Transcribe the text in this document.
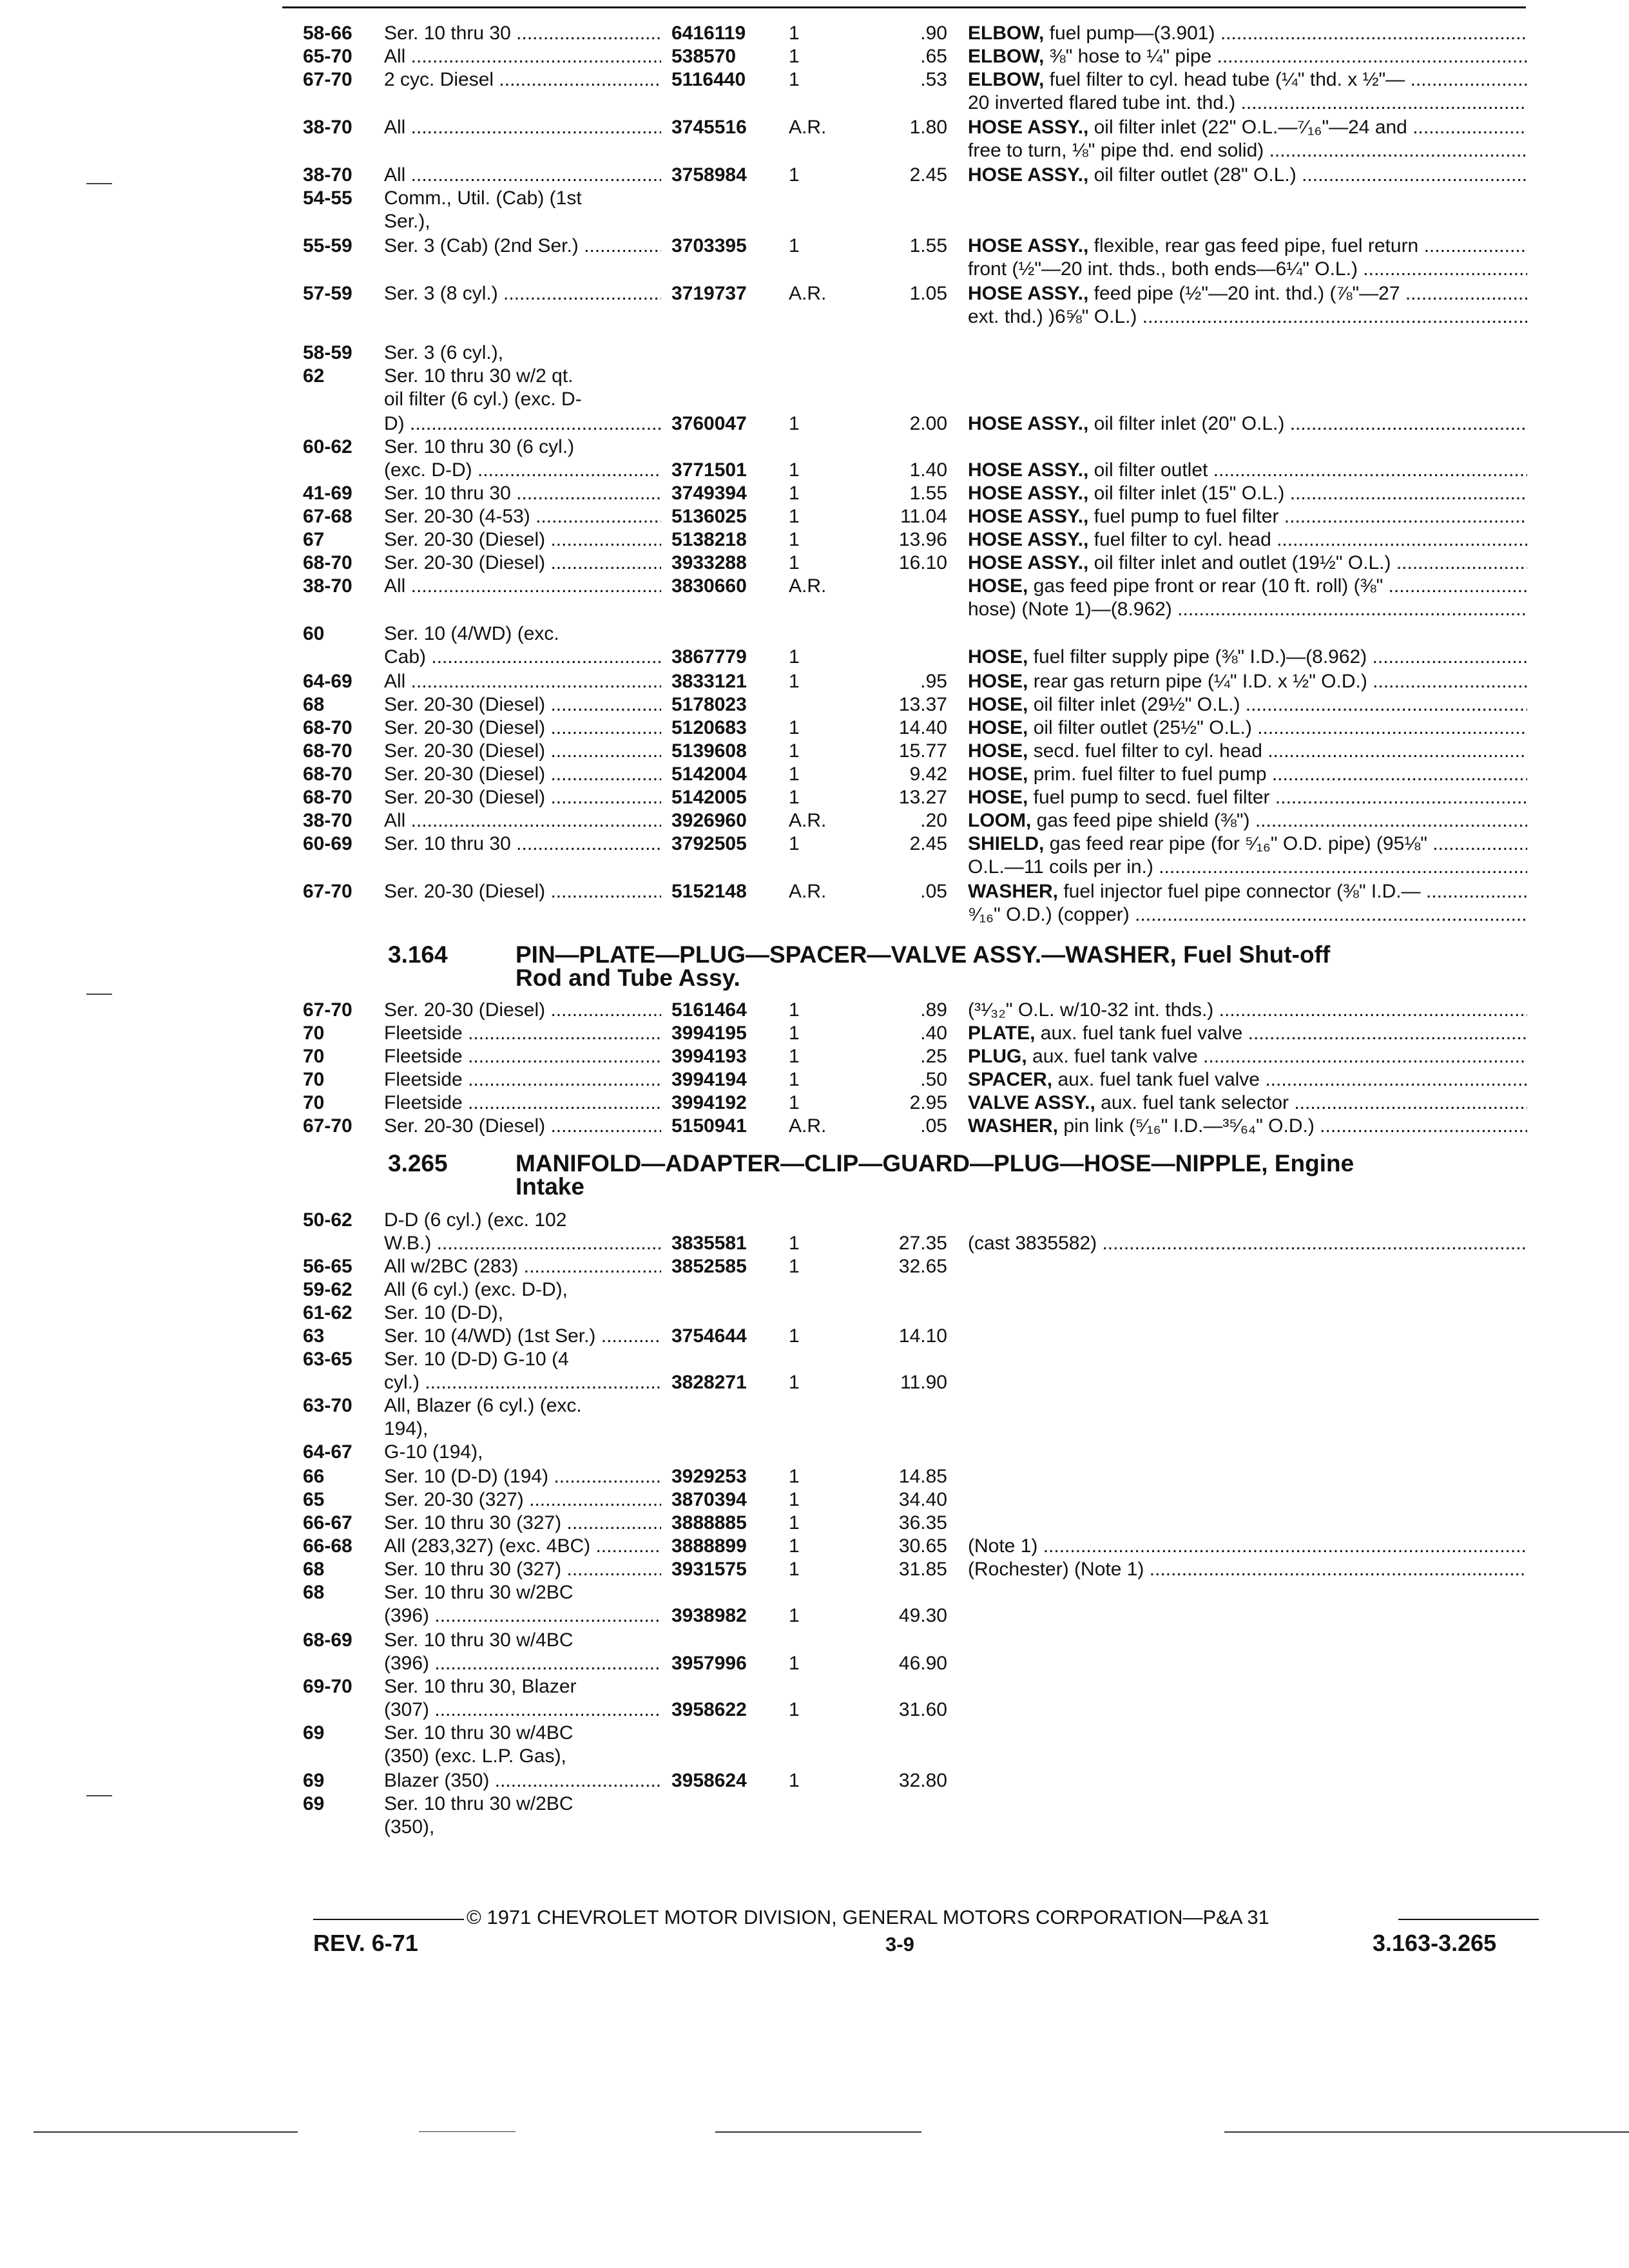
58-66 Ser. 10 thru 30 .....	6416119 1	.90 ELBOW, fuel pump—(3.901) .....
65-70 All .....	538570	1	.65 ELBOW, ⅜" hose to ¼" pipe .....
67-70 2 cyc. Diesel .....	5116440 1	.53 ELBOW, fuel filter to cyl. head tube (¼" thd. x ½"— .....
20 inverted flared tube int. thd.) .....
38-70 All .....	3745516 A.R.	1.80 HOSE ASSY., oil filter inlet (22" O.L.—⁷⁄₁₆"—24 and .....
free to turn, ⅛" pipe thd. end solid) .....
38-70 All .....	3758984 1	2.45 HOSE ASSY., oil filter outlet (28" O.L.) .....
54-55 Comm., Util. (Cab) (1st
Ser.),
55-59 Ser. 3 (Cab) (2nd Ser.) .....	3703395 1	1.55 HOSE ASSY., flexible, rear gas feed pipe, fuel return .....
front (½"—20 int. thds., both ends—6¼" O.L.) .....
57-59 Ser. 3 (8 cyl.) .....	3719737 A.R.	1.05 HOSE ASSY., feed pipe (½"—20 int. thd.) (⅞"—27 .....
ext. thd.) )6⅝" O.L.) .....
58-59 Ser. 3 (6 cyl.),
62	Ser. 10 thru 30 w/2 qt.
oil filter (6 cyl.) (exc. D-
D) .....	3760047 1	2.00 HOSE ASSY., oil filter inlet (20" O.L.) .....
60-62 Ser. 10 thru 30 (6 cyl.)
(exc. D-D) .....	3771501 1	1.40 HOSE ASSY., oil filter outlet .....
41-69 Ser. 10 thru 30 .....	3749394 1	1.55 HOSE ASSY., oil filter inlet (15" O.L.) .....
67-68 Ser. 20-30 (4-53) .....	5136025 1	11.04 HOSE ASSY., fuel pump to fuel filter .....
67	Ser. 20-30 (Diesel) .....	5138218 1	13.96 HOSE ASSY., fuel filter to cyl. head .....
68-70 Ser. 20-30 (Diesel) .....	3933288 1	16.10 HOSE ASSY., oil filter inlet and outlet (19½" O.L.) .....
38-70 All .....	3830660 A.R.	HOSE, gas feed pipe front or rear (10 ft. roll) (⅜" .....
hose) (Note 1)—(8.962) .....
60	Ser. 10 (4/WD) (exc.
Cab) .....	3867779 1	HOSE, fuel filter supply pipe (⅜" I.D.)—(8.962) .....
64-69 All .....	3833121 1	.95 HOSE, rear gas return pipe (¼" I.D. x ½" O.D.) .....
68	Ser. 20-30 (Diesel) .....	5178023	13.37 HOSE, oil filter inlet (29½" O.L.) .....
68-70 Ser. 20-30 (Diesel) .....	5120683 1	14.40 HOSE, oil filter outlet (25½" O.L.) .....
68-70 Ser. 20-30 (Diesel) .....	5139608 1	15.77 HOSE, secd. fuel filter to cyl. head .....
68-70 Ser. 20-30 (Diesel) .....	5142004 1	9.42 HOSE, prim. fuel filter to fuel pump .....
68-70 Ser. 20-30 (Diesel) .....	5142005 1	13.27 HOSE, fuel pump to secd. fuel filter .....
38-70 All .....	3926960 A.R.	.20 LOOM, gas feed pipe shield (⅜") .....
60-69 Ser. 10 thru 30 .....	3792505 1	2.45 SHIELD, gas feed rear pipe (for ⁵⁄₁₆" O.D. pipe) (95⅛" .....
O.L.—11 coils per in.) .....
67-70 Ser. 20-30 (Diesel) .....	5152148 A.R.	.05 WASHER, fuel injector fuel pipe connector (⅜" I.D.— .....
⁹⁄₁₆" O.D.) (copper) .....
67-70 Ser. 20-30 (Diesel) .....	5161464 1	.89 (³¹⁄₃₂" O.L. w/10-32 int. thds.) .....
70	Fleetside .....	3994195 1	.40 PLATE, aux. fuel tank fuel valve .....
70	Fleetside .....	3994193 1	.25 PLUG, aux. fuel tank valve .....
70	Fleetside .....	3994194 1	.50 SPACER, aux. fuel tank fuel valve .....
70	Fleetside .....	3994192 1	2.95 VALVE ASSY., aux. fuel tank selector .....
67-70 Ser. 20-30 (Diesel) .....	5150941 A.R.	.05 WASHER, pin link (⁵⁄₁₆" I.D.—³⁵⁄₆₄" O.D.) .....
50-62 D-D (6 cyl.) (exc. 102
W.B.) .....	3835581 1	27.35 (cast 3835582) .....
56-65 All w/2BC (283) .....	3852585 1	32.65
59-62 All (6 cyl.) (exc. D-D),
61-62 Ser. 10 (D-D),
63	Ser. 10 (4/WD) (1st Ser.) .....	3754644 1	14.10
63-65 Ser. 10 (D-D) G-10 (4
cyl.) .....	3828271 1	11.90
63-70 All, Blazer (6 cyl.) (exc.
194),
64-67 G-10 (194),
66	Ser. 10 (D-D) (194) .....	3929253 1	14.85
65	Ser. 20-30 (327) .....	3870394 1	34.40
66-67 Ser. 10 thru 30 (327) .....	3888885 1	36.35
66-68 All (283,327) (exc. 4BC) .....	3888899 1	30.65 (Note 1) .....
68	Ser. 10 thru 30 (327) .....	3931575 1	31.85 (Rochester) (Note 1) .....
68	Ser. 10 thru 30 w/2BC
(396) .....	3938982 1	49.30
68-69 Ser. 10 thru 30 w/4BC
(396) .....	3957996 1	46.90
69-70 Ser. 10 thru 30, Blazer
(307) .....	3958622 1	31.60
69	Ser. 10 thru 30 w/4BC
(350) (exc. L.P. Gas),
69	Blazer (350) .....	3958624 1	32.80
69	Ser. 10 thru 30 w/2BC
(350),
3.164	PIN—PLATE—PLUG—SPACER—VALVE ASSY.—WASHER, Fuel Shut-off
Rod and Tube Assy.
3.265	MANIFOLD—ADAPTER—CLIP—GUARD—PLUG—HOSE—NIPPLE, Engine
Intake
© 1971 CHEVROLET MOTOR DIVISION, GENERAL MOTORS CORPORATION—P&A 31
REV. 6-71	3-9	3.163-3.265
